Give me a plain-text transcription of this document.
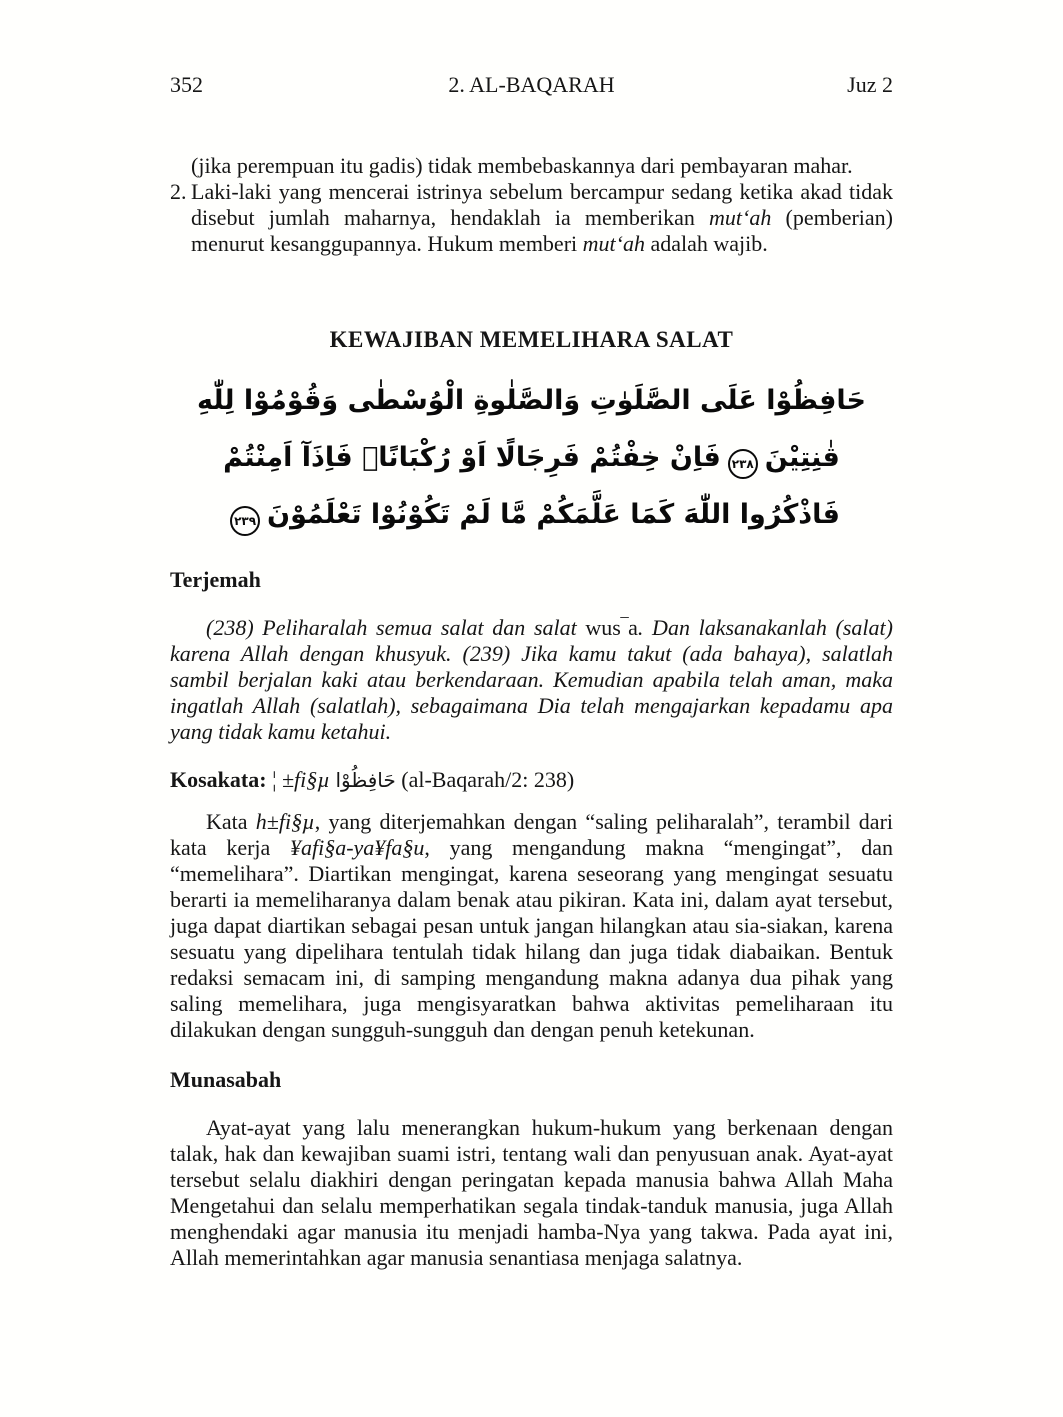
2. AL-BAQARAH
352	Juz 2

(jika perempuan itu gadis) tidak membebaskannya dari pembayaran mahar.

2. Laki-laki yang mencerai istrinya sebelum bercampur sedang ketika akad tidak disebut jumlah maharnya, hendaklah ia memberikan mut‘ah (pemberian) menurut kesanggupannya. Hukum memberi mut‘ah adalah wajib.

KEWAJIBAN MEMELIHARA SALAT
حَافِظُوْا عَلَى الصَّلَوٰتِ وَالصَّلٰوةِ الْوُسْطٰى وَقُوْمُوْا لِلّٰهِ قٰنِتِيْنَ٢٣٨فَاِنْ خِفْتُمْ فَرِجَالًا اَوْ رُكْبَانًاۚ فَاِذَآ اَمِنْتُمْ فَاذْكُرُوا اللّٰهَ كَمَا عَلَّمَكُمْ مَّا لَمْ تَكُوْنُوْا تَعْلَمُوْنَ٢٣٩
Terjemah

(238) Peliharalah semua salat dan salat wus‾a. Dan laksanakanlah (salat) karena Allah dengan khusyuk. (239) Jika kamu takut (ada bahaya), salatlah sambil berjalan kaki atau berkendaraan. Kemudian apabila telah aman, maka ingatlah Allah (salatlah), sebagaimana Dia telah mengajarkan kepadamu apa yang tidak kamu ketahui.

Kosakata: ¦ ±fi§µ حَافِظُوْا (al-Baqarah/2: 238)

Kata h±fi§µ, yang diterjemahkan dengan “saling peliharalah”, terambil dari kata kerja ¥afi§a-ya¥fa§u, yang mengandung makna “mengingat”, dan “memelihara”. Diartikan mengingat, karena seseorang yang mengingat sesuatu berarti ia memeliharanya dalam benak atau pikiran. Kata ini, dalam ayat tersebut, juga dapat diartikan sebagai pesan untuk jangan hilangkan atau sia-siakan, karena sesuatu yang dipelihara tentulah tidak hilang dan juga tidak diabaikan. Bentuk redaksi semacam ini, di samping mengandung makna adanya dua pihak yang saling memelihara, juga mengisyaratkan bahwa aktivitas pemeliharaan itu dilakukan dengan sungguh-sungguh dan dengan penuh ketekunan.

Munasabah

Ayat-ayat yang lalu menerangkan hukum-hukum yang berkenaan dengan talak, hak dan kewajiban suami istri, tentang wali dan penyusuan anak. Ayat-ayat tersebut selalu diakhiri dengan peringatan kepada manusia bahwa Allah Maha Mengetahui dan selalu memperhatikan segala tindak-tanduk manusia, juga Allah menghendaki agar manusia itu menjadi hamba-Nya yang takwa. Pada ayat ini, Allah memerintahkan agar manusia senantiasa menjaga salatnya.
